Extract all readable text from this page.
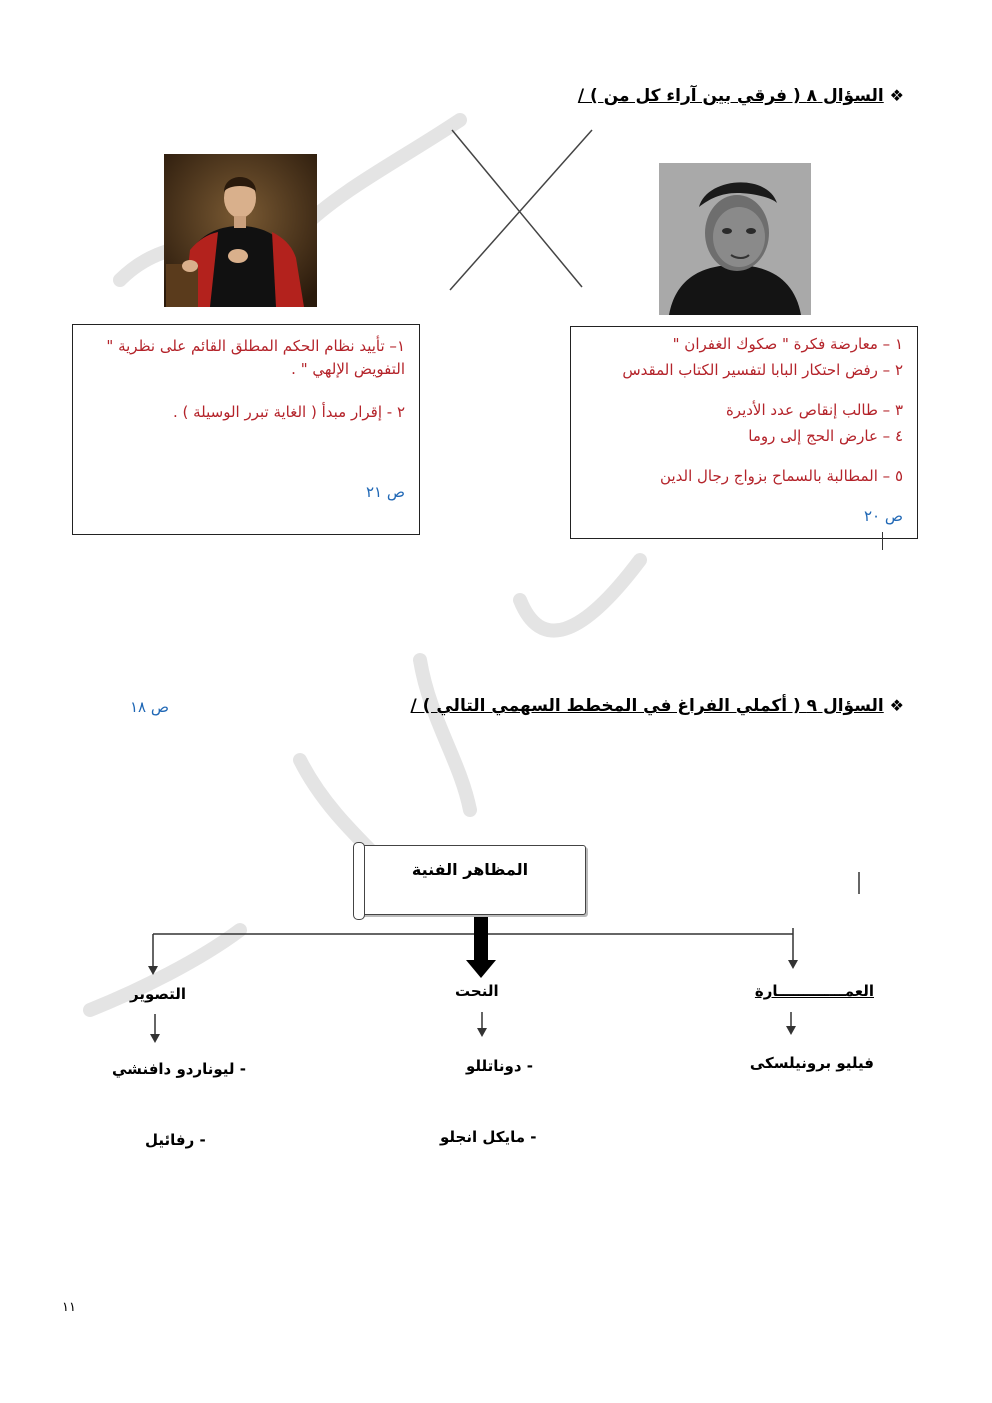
❖ السؤال ٨ ( فرقي بين آراء كل من ) /
١– تأييد نظام الحكم المطلق القائم على نظرية " التفويض الإلهي " .
٢ - إقرار مبدأ ( الغاية تبرر الوسيلة ) .
ص ٢١
١ – معارضة فكرة " صكوك الغفران "
٢ – رفض احتكار البابا لتفسير الكتاب المقدس
٣ – طالب إنقاص عدد الأديرة
٤ – عارض الحج إلى روما
٥ – المطالبة بالسماح بزواج رجال الدين
ص ٢٠
❖ السؤال ٩ ( أكملي الفراغ في المخطط السهمي التالي ) /
ص ١٨
المظاهر الفنية
العمـــــــــــــارة
النحت
التصوير
فيليو برونيلسكى
- دوناتللو
- مايكل انجلو
- ليوناردو دافنشي
- رفائيل
١١
